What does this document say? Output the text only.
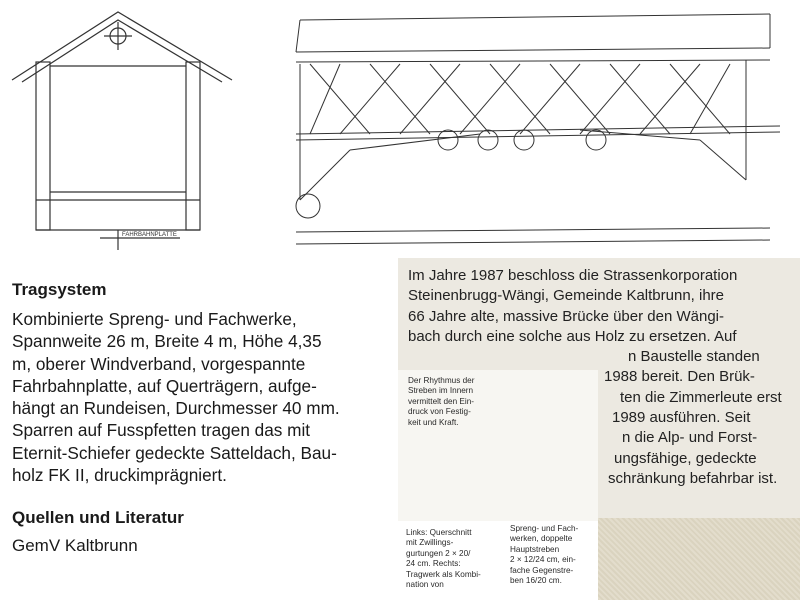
FAHRBAHNPLATTE
Tragsystem
Kombinierte Spreng- und Fachwerke,
Spannweite 26 m, Breite 4 m, Höhe 4,35
m, oberer Windverband, vorgespannte
Fahrbahnplatte, auf Querträgern, aufge-
hängt an Rundeisen, Durchmesser 40 mm.
Sparren auf Fusspfetten tragen das mit
Eternit-Schiefer gedeckte Satteldach, Bau-
holz FK II, druckimprägniert.
Quellen und Literatur
GemV Kaltbrunn
Im Jahre 1987 beschloss die Strassenkorporation
Steinenbrugg-Wängi, Gemeinde Kaltbrunn, ihre
66 Jahre alte, massive Brücke über den Wängi-
bach durch eine solche aus Holz zu ersetzen. Auf
n Baustelle standen
1988 bereit. Den Brük-
ten die Zimmerleute erst
1989 ausführen. Seit
n die Alp- und Forst-
ungsfähige, gedeckte
schränkung befahrbar ist.
Der Rhythmus der
Streben im Innern
vermittelt den Ein-
druck von Festig-
keit und Kraft.
Links: Querschnitt
mit Zwillings-
gurtungen 2 × 20/
24 cm. Rechts:
Tragwerk als Kombi-
nation von
Spreng- und Fach-
werken, doppelte
Hauptstreben
2 × 12/24 cm, ein-
fache Gegenstre-
ben 16/20 cm.
